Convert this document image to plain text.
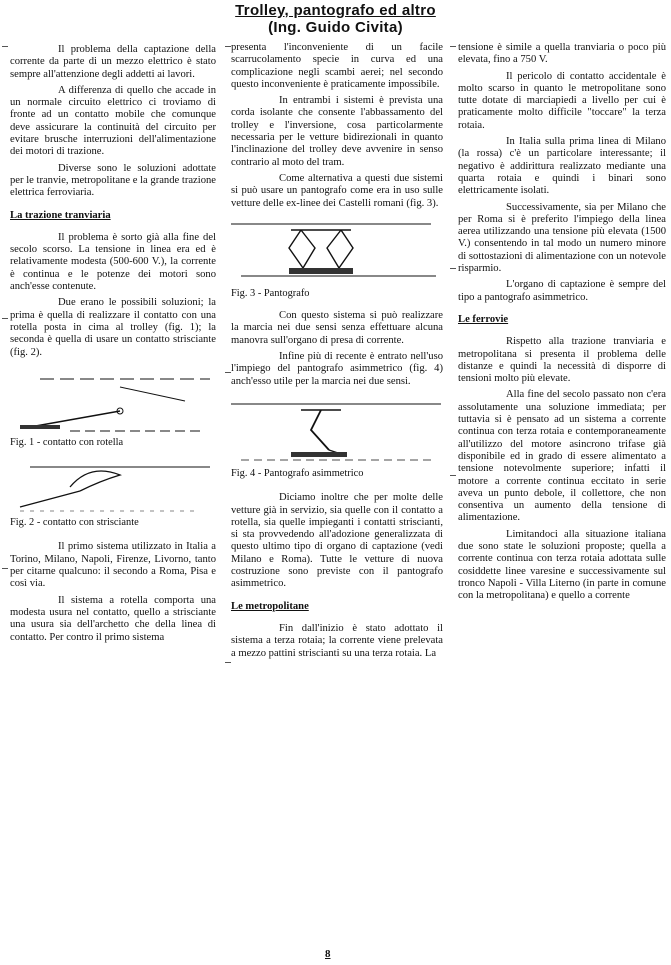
Trolley, pantografo ed altro
(Ing. Guido Civita)

Il problema della captazione della corrente da parte di un mezzo elettrico è stato sempre all'attenzione degli addetti ai lavori.

A differenza di quello che accade in un normale circuito elettrico ci troviamo di fronte ad un contatto mobile che comunque deve assicurare la continuità del circuito per evitare brusche interruzioni dell'alimentazione dei motori di trazione.

Diverse sono le soluzioni adottate per le tranvie, metropolitane e la grande trazione elettrica ferroviaria.

La trazione tranviaria

Il problema è sorto già alla fine del secolo scorso. La tensione in linea era ed è relativamente modesta (500-600 V.), la corrente è continua e le potenze dei motori sono anch'esse contenute.

Due erano le possibili soluzioni; la prima è quella di realizzare il contatto con una rotella posta in cima al trolley (fig. 1); la seconda è quella di usare un contatto strisciante (fig. 2).

Fig. 1 - contatto con rotella
Fig. 2 - contatto con strisciante

Il primo sistema utilizzato in Italia a Torino, Milano, Napoli, Firenze, Livorno, tanto per citarne qualcuno: il secondo a Roma, Pisa e così via.

Il sistema a rotella comporta una modesta usura nel contatto, quello a strisciante una usura sia dell'archetto che della linea di contatto. Per contro il primo sistema

presenta l'inconveniente di un facile scarrucolamento specie in curva ed una complicazione negli scambi aerei; nel secondo questo inconveniente è praticamente impossibile.

In entrambi i sistemi è prevista una corda isolante che consente l'abbassamento del trolley e l'inversione, cosa particolarmente necessaria per le vetture bidirezionali in quanto l'inclinazione del trolley deve avvenire in senso contrario al moto del tram.

Come alternativa a questi due sistemi si può usare un pantografo come era in uso sulle vetture delle ex-linee dei Castelli romani (fig. 3).

Fig. 3 - Pantografo

Con questo sistema si può realizzare la marcia nei due sensi senza effettuare alcuna manovra sull'organo di presa di corrente.

Infine più di recente è entrato nell'uso l'impiego del pantografo asimmetrico (fig. 4) anch'esso utile per la marcia nei due sensi.

Fig. 4 - Pantografo asimmetrico

Diciamo inoltre che per molte delle vetture già in servizio, sia quelle con il contatto a rotella, sia quelle impieganti i contatti striscianti, si sta provvedendo all'adozione generalizzata di questo ultimo tipo di organo di captazione (vedi Milano e Roma). Tutte le vetture di nuova costruzione sono previste con il pantografo asimmetrico.

Le metropolitane

Fin dall'inizio è stato adottato il sistema a terza rotaia; la corrente viene prelevata a mezzo pattini striscianti su una terza rotaia. La

tensione è simile a quella tranviaria o poco più elevata, fino a 750 V.

Il pericolo di contatto accidentale è molto scarso in quanto le metropolitane sono tutte dotate di marciapiedi a livello per cui è praticamente molto difficile "toccare" la terza rotaia.

In Italia sulla prima linea di Milano (la rossa) c'è un particolare interessante; il negativo è addirittura realizzato mediante una quarta rotaia e quindi i binari sono elettricamente isolati.

Successivamente, sia per Milano che per Roma si è preferito l'impiego della linea aerea utilizzando una tensione più elevata (1500 V.) consentendo in tal modo un numero minore di sottostazioni di alimentazione con un notevole risparmio.

L'organo di captazione è sempre del tipo a pantografo asimmetrico.

Le ferrovie

Rispetto alla trazione tranviaria e metropolitana si presenta il problema delle distanze e quindi la necessità di disporre di tensioni molto più elevate.

Alla fine del secolo passato non c'era assolutamente una soluzione immediata; per tuttavia si è pensato ad un sistema a corrente continua con terza rotaia e contemporaneamente all'utilizzo del motore asincrono trifase già disponibile ed in grado di essere alimentato a tensione notevolmente superiore; infatti il motore a corrente continua eccitato in serie aveva un punto debole, il collettore, che non consentiva un aumento della tensione di alimentazione.

Limitandoci alla situazione italiana due sono state le soluzioni proposte; quella a corrente continua con terza rotaia adottata sulle cosiddette linee varesine e successivamente sul tronco Napoli - Villa Literno (in parte in comune con la metropolitana) e quello a corrente

8
